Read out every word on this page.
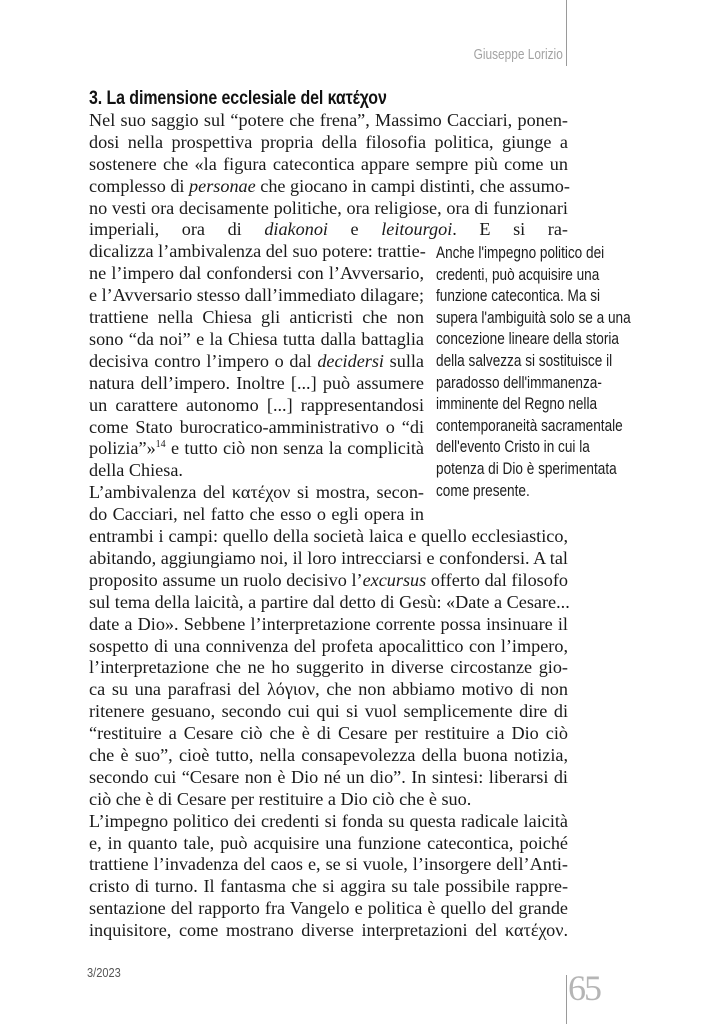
Giuseppe Lorizio
3. La dimensione ecclesiale del κατέχον
Nel suo saggio sul “potere che frena”, Massimo Cacciari, ponen-
dosi nella prospettiva propria della filosofia politica, giunge a
sostenere che «la figura catecontica appare sempre più come un
complesso di personae che giocano in campi distinti, che assumo-
no vesti ora decisamente politiche, ora religiose, ora di funzionari
imperiali, ora di diakonoi e leitourgoi. E si ra-
dicalizza l’ambivalenza del suo potere: trattie-
ne l’impero dal confondersi con l’Avversario,
e l’Avversario stesso dall’immediato dilagare;
trattiene nella Chiesa gli anticristi che non
sono “da noi” e la Chiesa tutta dalla battaglia
decisiva contro l’impero o dal decidersi sulla
natura dell’impero. Inoltre [...] può assumere
un carattere autonomo [...] rappresentandosi
come Stato burocratico-amministrativo o “di
polizia”»$^{14}$ e tutto ciò non senza la complicità
della Chiesa.
L’ambivalenza del κατέχον si mostra, secon-
do Cacciari, nel fatto che esso o egli opera in
entrambi i campi: quello della società laica e quello ecclesiastico,
abitando, aggiungiamo noi, il loro intrecciarsi e confondersi. A tal
proposito assume un ruolo decisivo l’excursus offerto dal filosofo
sul tema della laicità, a partire dal detto di Gesù: «Date a Cesare...
date a Dio». Sebbene l’interpretazione corrente possa insinuare il
sospetto di una connivenza del profeta apocalittico con l’impero,
l’interpretazione che ne ho suggerito in diverse circostanze gio-
ca su una parafrasi del λόγιον, che non abbiamo motivo di non
ritenere gesuano, secondo cui qui si vuol semplicemente dire di
“restituire a Cesare ciò che è di Cesare per restituire a Dio ciò
che è suo”, cioè tutto, nella consapevolezza della buona notizia,
secondo cui “Cesare non è Dio né un dio”. In sintesi: liberarsi di
ciò che è di Cesare per restituire a Dio ciò che è suo.
L’impegno politico dei credenti si fonda su questa radicale laicità
e, in quanto tale, può acquisire una funzione catecontica, poiché
trattiene l’invadenza del caos e, se si vuole, l’insorgere dell’Anti-
cristo di turno. Il fantasma che si aggira su tale possibile rappre-
sentazione del rapporto fra Vangelo e politica è quello del grande
inquisitore, come mostrano diverse interpretazioni del κατέχον.
Anche l'impegno politico dei
credenti, può acquisire una
funzione catecontica. Ma si
supera l'ambiguità solo se a una
concezione lineare della storia
della salvezza si sostituisce il
paradosso dell'immanenza-
imminente del Regno nella
contemporaneità sacramentale
dell'evento Cristo in cui la
potenza di Dio è sperimentata
come presente.
3/2023	65
